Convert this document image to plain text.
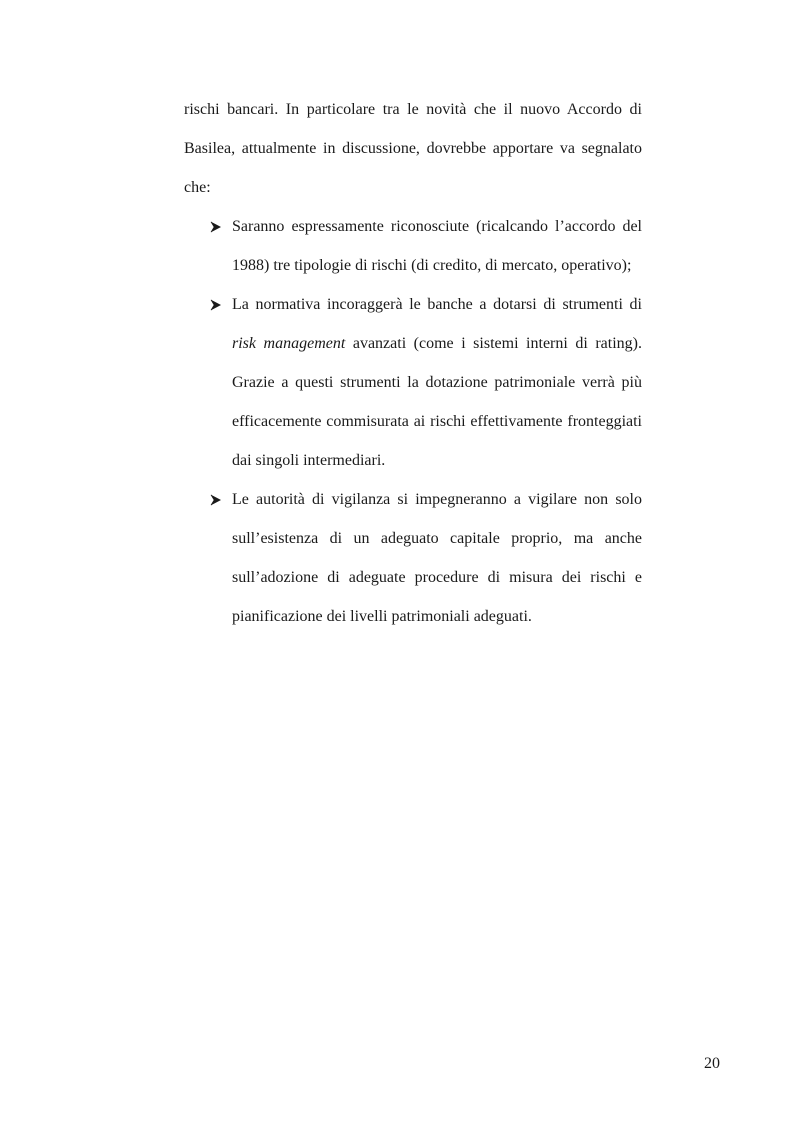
rischi bancari. In particolare tra le novità che il nuovo Accordo di Basilea, attualmente in discussione, dovrebbe apportare va segnalato che:

Saranno espressamente riconosciute (ricalcando l’accordo del 1988) tre tipologie di rischi (di credito, di mercato, operativo);
La normativa incoraggerà le banche a dotarsi di strumenti di risk management avanzati (come i sistemi interni di rating). Grazie a questi strumenti la dotazione patrimoniale verrà più efficacemente commisurata ai rischi effettivamente fronteggiati dai singoli intermediari.
Le autorità di vigilanza si impegneranno a vigilare non solo sull’esistenza di un adeguato capitale proprio, ma anche sull’adozione di adeguate procedure di misura dei rischi e pianificazione dei livelli patrimoniali adeguati.
20
